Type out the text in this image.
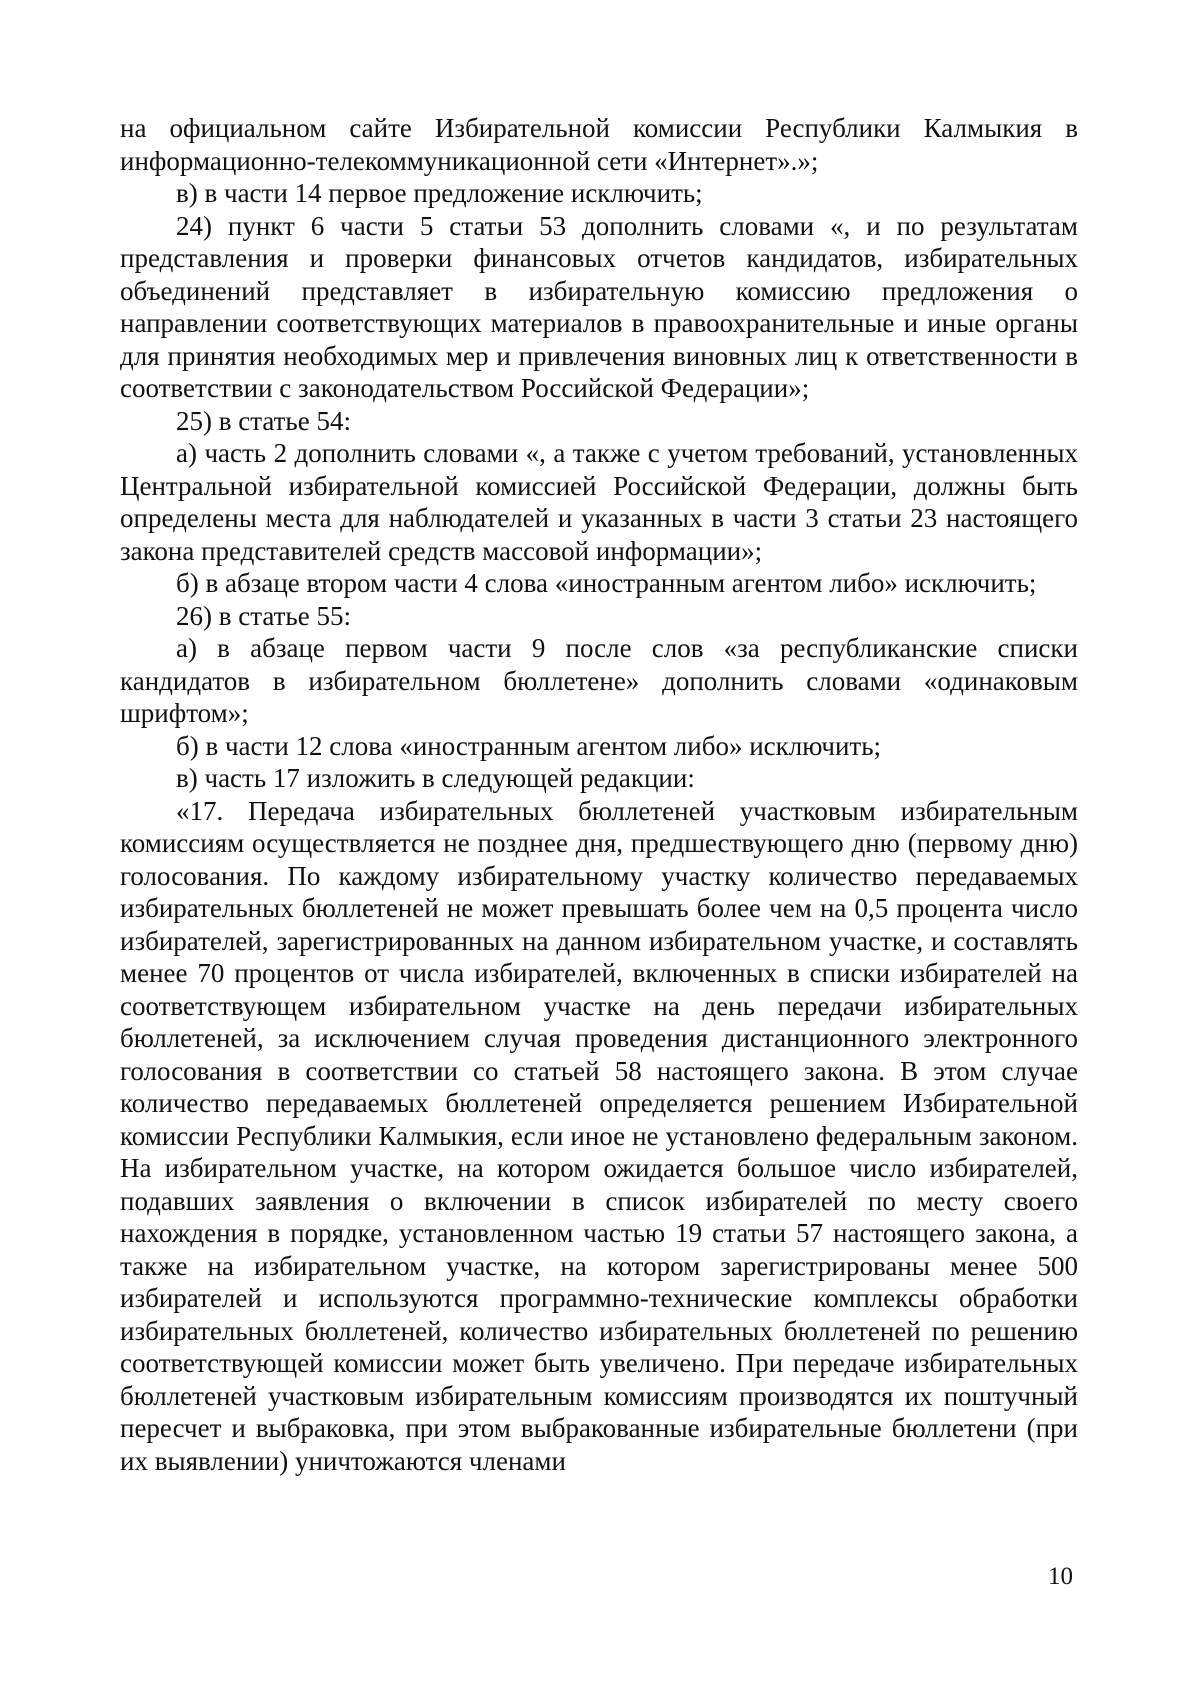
на официальном сайте Избирательной комиссии Республики Калмыкия в информационно-телекоммуникационной сети «Интернет».»;

в) в части 14 первое предложение исключить;

24) пункт 6 части 5 статьи 53 дополнить словами «, и по результатам представления и проверки финансовых отчетов кандидатов, избирательных объединений представляет в избирательную комиссию предложения о направлении соответствующих материалов в правоохранительные и иные органы для принятия необходимых мер и привлечения виновных лиц к ответственности в соответствии с законодательством Российской Федерации»;

25) в статье 54:

а) часть 2 дополнить словами «, а также с учетом требований, установленных Центральной избирательной комиссией Российской Федерации, должны быть определены места для наблюдателей и указанных в части 3 статьи 23 настоящего закона представителей средств массовой информации»;

б) в абзаце втором части 4 слова «иностранным агентом либо» исключить;

26) в статье 55:

а) в абзаце первом части 9 после слов «за республиканские списки кандидатов в избирательном бюллетене» дополнить словами «одинаковым шрифтом»;

б) в части 12 слова «иностранным агентом либо» исключить;

в) часть 17 изложить в следующей редакции:

«17. Передача избирательных бюллетеней участковым избирательным комиссиям осуществляется не позднее дня, предшествующего дню (первому дню) голосования. По каждому избирательному участку количество передаваемых избирательных бюллетеней не может превышать более чем на 0,5 процента число избирателей, зарегистрированных на данном избирательном участке, и составлять менее 70 процентов от числа избирателей, включенных в списки избирателей на соответствующем избирательном участке на день передачи избирательных бюллетеней, за исключением случая проведения дистанционного электронного голосования в соответствии со статьей 58 настоящего закона. В этом случае количество передаваемых бюллетеней определяется решением Избирательной комиссии Республики Калмыкия, если иное не установлено федеральным законом. На избирательном участке, на котором ожидается большое число избирателей, подавших заявления о включении в список избирателей по месту своего нахождения в порядке, установленном частью 19 статьи 57 настоящего закона, а также на избирательном участке, на котором зарегистрированы менее 500 избирателей и используются программно-технические комплексы обработки избирательных бюллетеней, количество избирательных бюллетеней по решению соответствующей комиссии может быть увеличено. При передаче избирательных бюллетеней участковым избирательным комиссиям производятся их поштучный пересчет и выбраковка, при этом выбракованные избирательные бюллетени (при их выявлении) уничтожаются членами

10
